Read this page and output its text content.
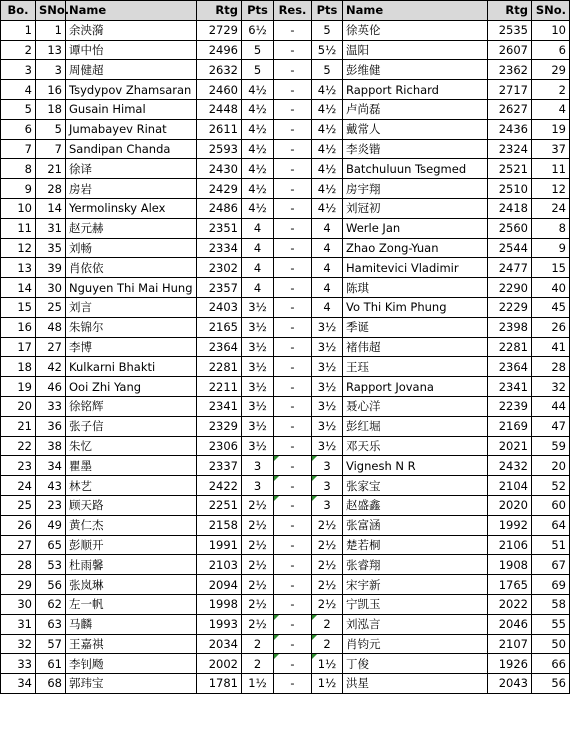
Bo.	SNo.	Name	Rtg	Pts	Res.	Pts	Name	Rtg	SNo.
1	1	余泱漪	2729	6½	-	5	徐英伦	2535	10
2	13	谭中怡	2496	5	-	5½	温阳	2607	6
3	3	周健超	2632	5	-	5	彭维健	2362	29
4	16	Tsydypov Zhamsaran	2460	4½	-	4½	Rapport Richard	2717	2
5	18	Gusain Himal	2448	4½	-	4½	卢尚磊	2627	4
6	5	Jumabayev Rinat	2611	4½	-	4½	戴常人	2436	19
7	7	Sandipan Chanda	2593	4½	-	4½	李炎锴	2324	37
8	21	徐译	2430	4½	-	4½	Batchuluun Tsegmed	2521	11
9	28	房岩	2429	4½	-	4½	房宇翔	2510	12
10	14	Yermolinsky Alex	2486	4½	-	4½	刘冠初	2418	24
11	31	赵元赫	2351	4	-	4	Werle Jan	2560	8
12	35	刘畅	2334	4	-	4	Zhao Zong-Yuan	2544	9
13	39	肖依依	2302	4	-	4	Hamitevici Vladimir	2477	15
14	30	Nguyen Thi Mai Hung	2357	4	-	4	陈琪	2290	40
15	25	刘言	2403	3½	-	4	Vo Thi Kim Phung	2229	45
16	48	朱锦尔	2165	3½	-	3½	季诞	2398	26
17	27	李博	2364	3½	-	3½	褚伟超	2281	41
18	42	Kulkarni Bhakti	2281	3½	-	3½	王珏	2364	28
19	46	Ooi Zhi Yang	2211	3½	-	3½	Rapport Jovana	2341	32
20	33	徐铭辉	2341	3½	-	3½	聂心洋	2239	44
21	36	张子信	2329	3½	-	3½	彭红堀	2169	47
22	38	朱忆	2306	3½	-	3½	邓天乐	2021	59
23	34	瞿墨	2337	3	-	3	Vignesh N R	2432	20
24	43	林艺	2422	3	-	3	张家宝	2104	52
25	23	顾天路	2251	2½	-	3	赵盛鑫	2020	60
26	49	黄仁杰	2158	2½	-	2½	张富涵	1992	64
27	65	彭顺开	1991	2½	-	2½	楚若桐	2106	51
28	53	杜雨馨	2103	2½	-	2½	张睿翔	1908	67
29	56	张岚琳	2094	2½	-	2½	宋宇新	1765	69
30	62	左一帆	1998	2½	-	2½	宁凯玉	2022	58
31	63	马麟	1993	2½	-	2	刘泓言	2046	55
32	57	王嘉祺	2034	2	-	2	肖钧元	2107	50
33	61	李钊飏	2002	2	-	1½	丁俊	1926	66
34	68	郭玮宝	1781	1½	-	1½	洪星	2043	56
